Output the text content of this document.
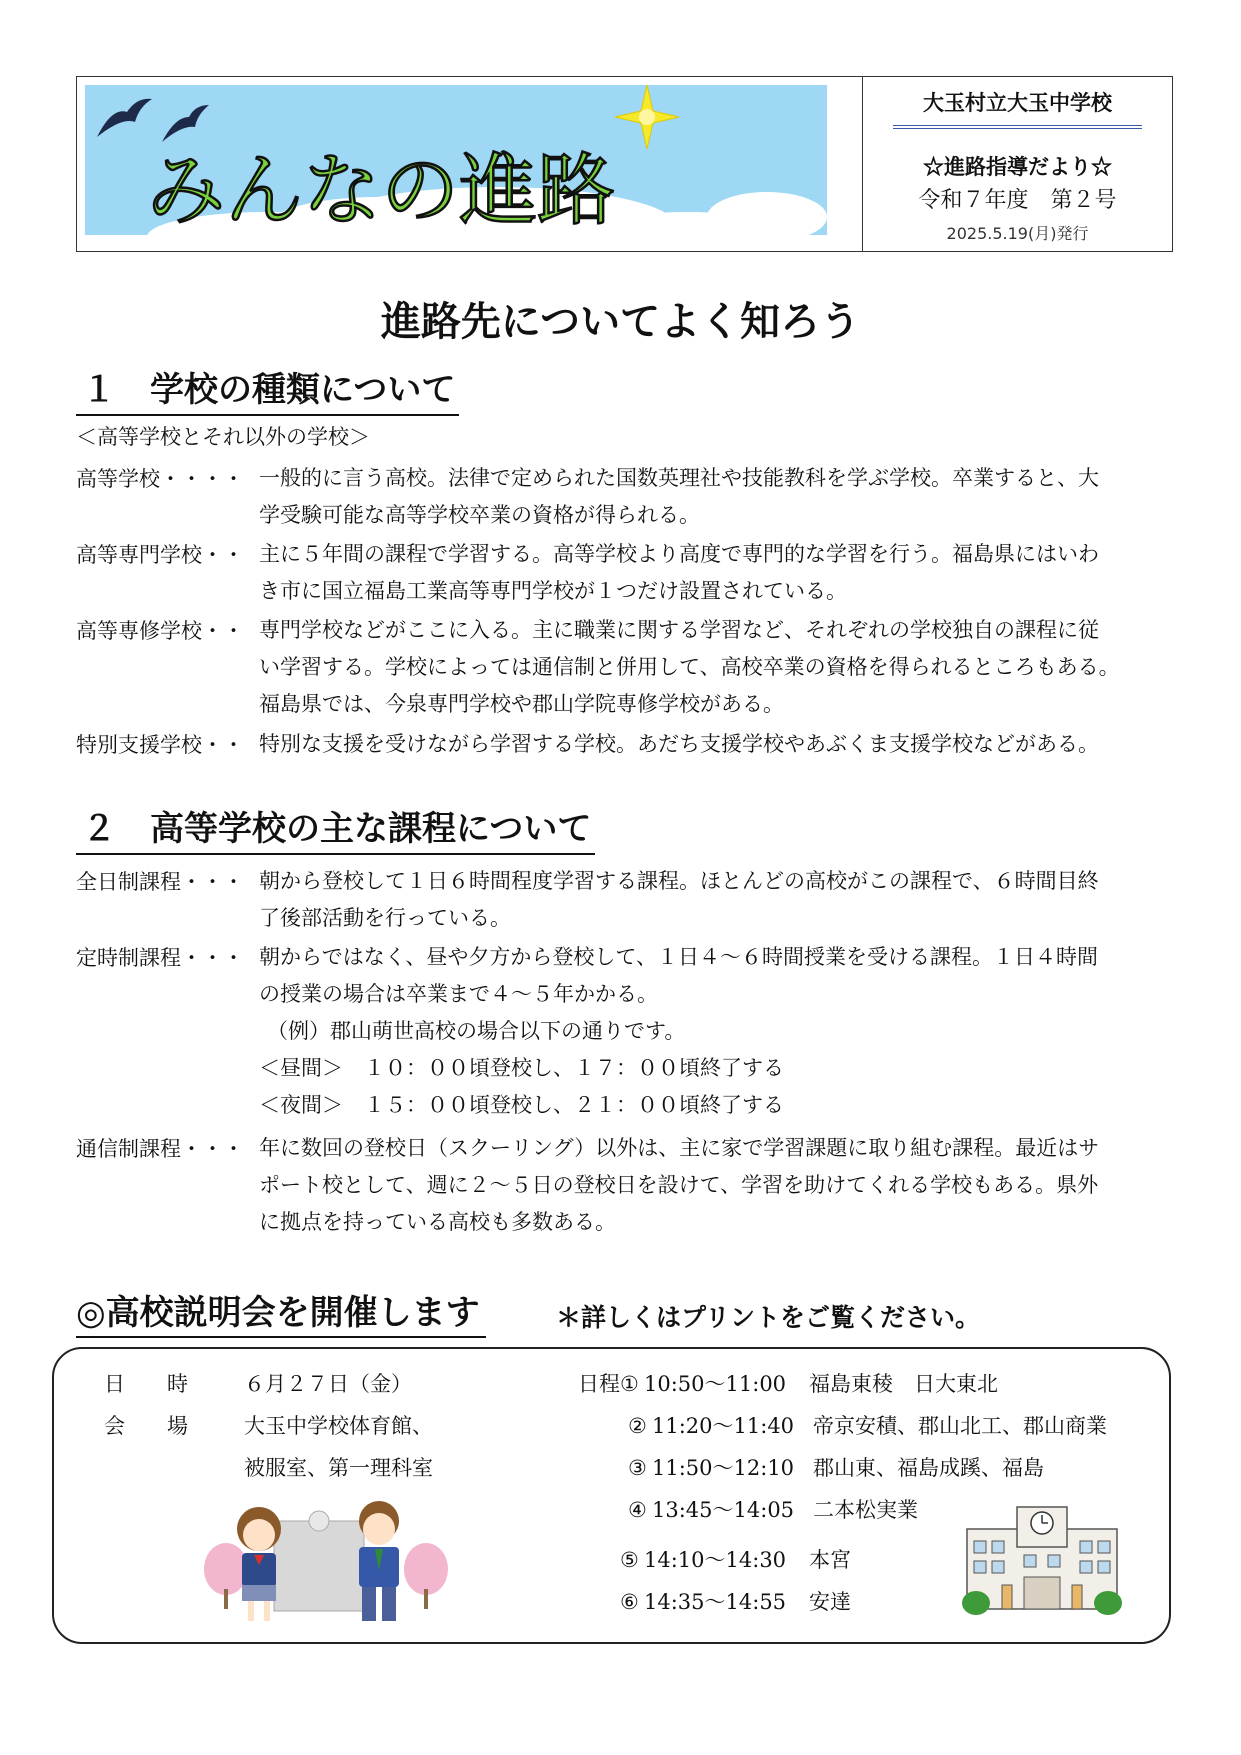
みんなの進路
大玉村立大玉中学校
☆進路指導だより☆
令和７年度　第２号
2025.5.19(月)発行
進路先についてよく知ろう
１　学校の種類について
＜高等学校とそれ以外の学校＞
高等学校・・・・ 一般的に言う高校。法律で定められた国数英理社や技能教科を学ぶ学校。卒業すると、大
学受験可能な高等学校卒業の資格が得られる。
高等専門学校・・ 主に５年間の課程で学習する。高等学校より高度で専門的な学習を行う。福島県にはいわ
き市に国立福島工業高等専門学校が１つだけ設置されている。
高等専修学校・・ 専門学校などがここに入る。主に職業に関する学習など、それぞれの学校独自の課程に従
い学習する。学校によっては通信制と併用して、高校卒業の資格を得られるところもある。
福島県では、今泉専門学校や郡山学院専修学校がある。
特別支援学校・・ 特別な支援を受けながら学習する学校。あだち支援学校やあぶくま支援学校などがある。
２　高等学校の主な課程について
全日制課程・・・ 朝から登校して１日６時間程度学習する課程。ほとんどの高校がこの課程で、６時間目終
了後部活動を行っている。
定時制課程・・・ 朝からではなく、昼や夕方から登校して、１日４～６時間授業を受ける課程。１日４時間
の授業の場合は卒業まで４～５年かかる。
（例）郡山萌世高校の場合以下の通りです。
＜昼間＞　１０：００頃登校し、１７：００頃終了する
＜夜間＞　１５：００頃登校し、２１：００頃終了する
通信制課程・・・ 年に数回の登校日（スクーリング）以外は、主に家で学習課題に取り組む課程。最近はサ
ポート校として、週に２～５日の登校日を設けて、学習を助けてくれる学校もある。県外
に拠点を持っている高校も多数ある。
◎高校説明会を開催します	＊詳しくはプリントをご覧ください。
日　　時	６月２７日（金）
会　　場	大玉中学校体育館、
被服室、第一理科室
日程 ① 10:50～11:00 福島東稜　日大東北
② 11:20～11:40 帝京安積、郡山北工、郡山商業
③ 11:50～12:10 郡山東、福島成蹊、福島
④ 13:45～14:05 二本松実業
⑤ 14:10～14:30 本宮
⑥ 14:35～14:55 安達
